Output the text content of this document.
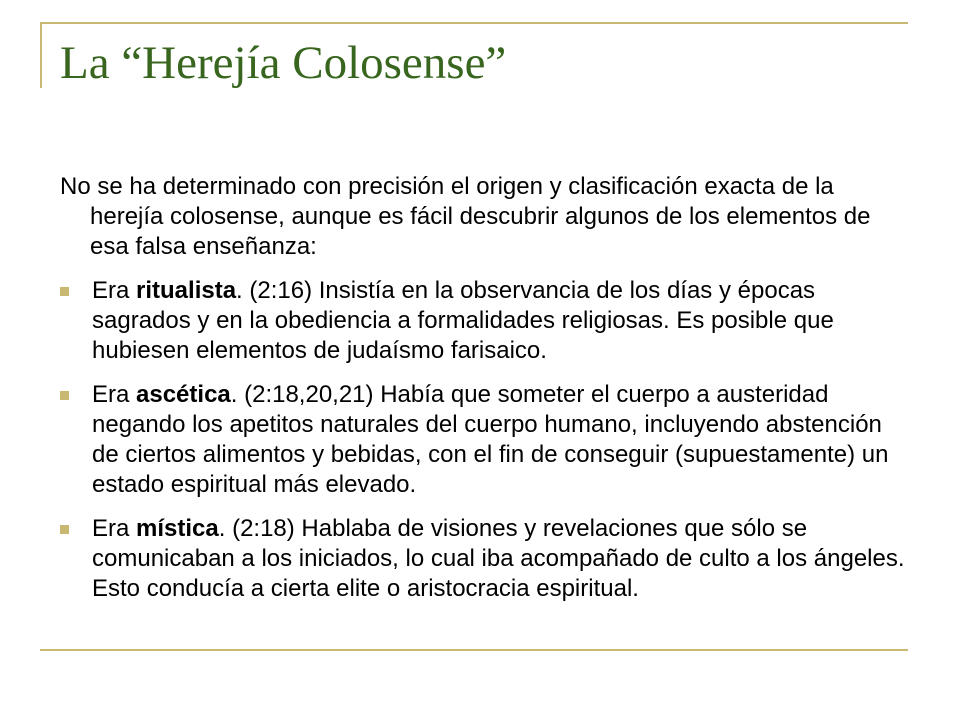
La “Herejía Colosense”

No se ha determinado con precisión el origen y clasificación exacta de la herejía colosense, aunque es fácil descubrir algunos de los elementos de esa falsa enseñanza:

Era ritualista. (2:16) Insistía en la observancia de los días y épocas sagrados y en la obediencia a formalidades religiosas. Es posible que hubiesen elementos de judaísmo farisaico.
Era ascética. (2:18,20,21) Había que someter el cuerpo a austeridad negando los apetitos naturales del cuerpo humano, incluyendo abstención de ciertos alimentos y bebidas, con el fin de conseguir (supuestamente) un estado espiritual más elevado.
Era mística. (2:18) Hablaba de visiones y revelaciones que sólo se comunicaban a los iniciados, lo cual iba acompañado de culto a los ángeles. Esto conducía a cierta elite o aristocracia espiritual.
